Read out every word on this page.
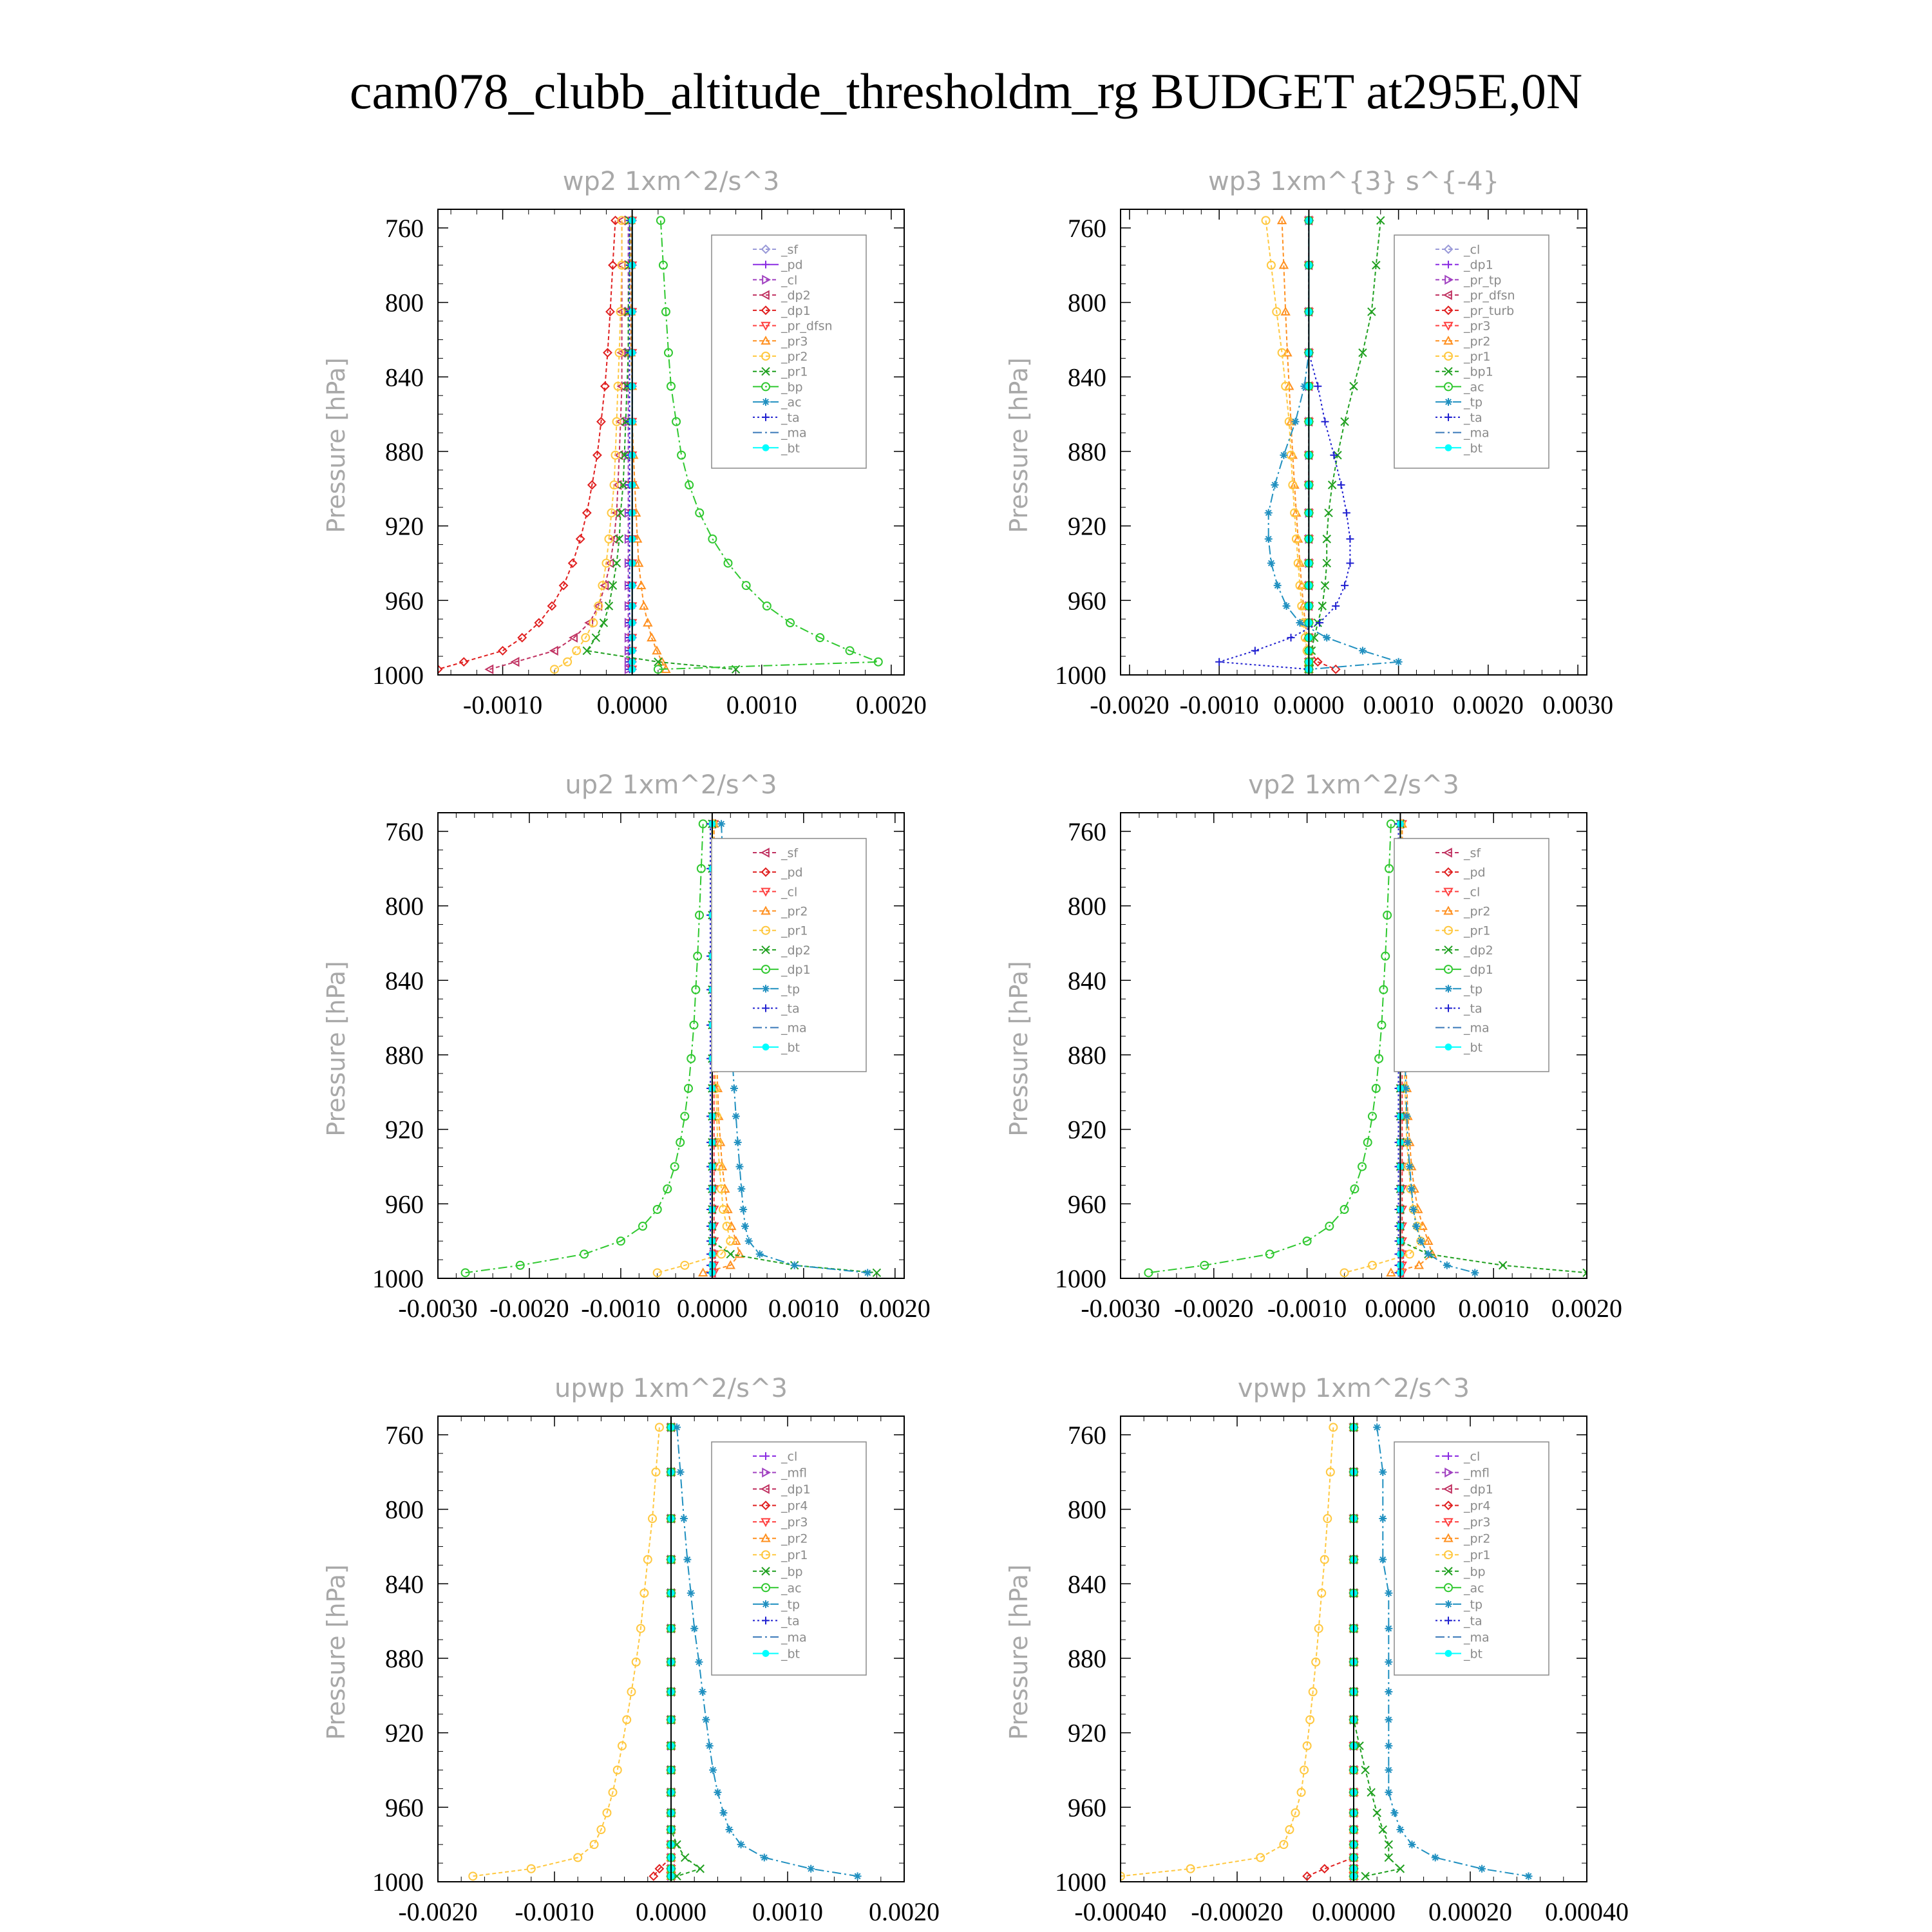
cam078_clubb_altitude_thresholdm_rg BUDGET at295E,0N
wp2 1xm^2/s^3
Pressure [hPa]
760
800
840
880
920
960
1000
-0.0010 0.0000 0.0010 0.0020
_sf
_pd
_cl
_dp2
_dp1
_pr_dfsn
_pr3
_pr2
_pr1
_bp
_ac
_ta
_ma
_bt
wp3 1xm^{3} s^{-4}
Pressure [hPa]
760
800
840
880
920
960
1000
-0.0020 -0.0010 0.0000 0.0010 0.0020 0.0030
_cl
_dp1
_pr_tp
_pr_dfsn
_pr_turb
_pr3
_pr2
_pr1
_bp1
_ac
_tp
_ta
_ma
_bt
up2 1xm^2/s^3
Pressure [hPa]
760
800
840
880
920
960
1000
-0.0030 -0.0020 -0.0010 0.0000 0.0010 0.0020
_sf
_pd
_cl
_pr2
_pr1
_dp2
_dp1
_tp
_ta
_ma
_bt
vp2 1xm^2/s^3
Pressure [hPa]
760
800
840
880
920
960
1000
-0.0030 -0.0020 -0.0010 0.0000 0.0010 0.0020
_sf
_pd
_cl
_pr2
_pr1
_dp2
_dp1
_tp
_ta
_ma
_bt
upwp 1xm^2/s^3
Pressure [hPa]
760
800
840
880
920
960
1000
-0.0020 -0.0010 0.0000 0.0010 0.0020
_cl
_mfl
_dp1
_pr4
_pr3
_pr2
_pr1
_bp
_ac
_tp
_ta
_ma
_bt
vpwp 1xm^2/s^3
Pressure [hPa]
760
800
840
880
920
960
1000
-0.00040 -0.00020 0.00000 0.00020 0.00040
_cl
_mfl
_dp1
_pr4
_pr3
_pr2
_pr1
_bp
_ac
_tp
_ta
_ma
_bt
